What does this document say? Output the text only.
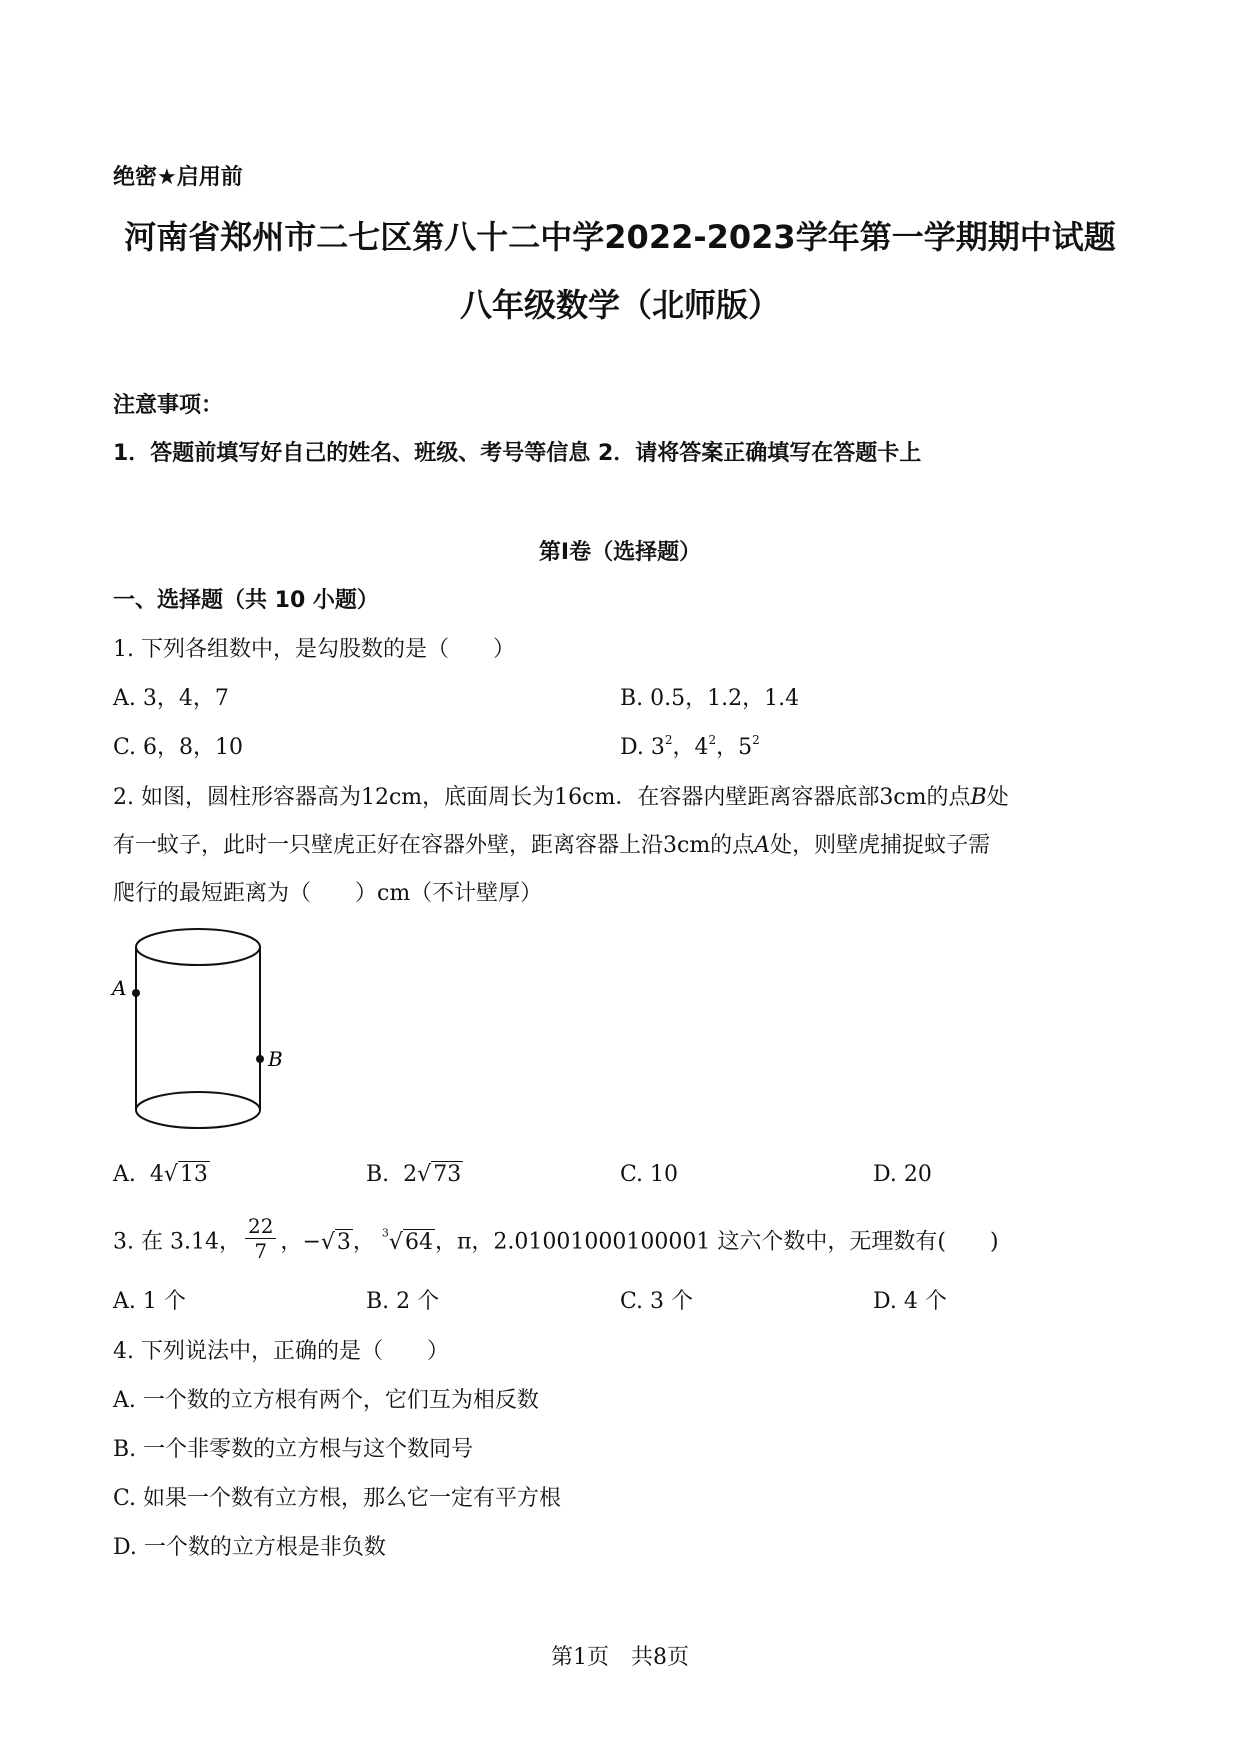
绝密★启用前
河南省郑州市二七区第八十二中学2022-2023学年第一学期期中试题
八年级数学（北师版）
注意事项：
1．答题前填写好自己的姓名、班级、考号等信息 2．请将答案正确填写在答题卡上
第Ⅰ卷（选择题）
一、选择题（共 10 小题）
1. 下列各组数中，是勾股数的是（　　）
A. 3，4，7	B. 0.5，1.2，1.4
C. 6，8，10	D. $3^2$，$4^2$，$5^2$
2. 如图，圆柱形容器高为12cm，底面周长为16cm．在容器内壁距离容器底部3cm的点B处
有一蚊子，此时一只壁虎正好在容器外壁，距离容器上沿3cm的点A处，则壁虎捕捉蚊子需
爬行的最短距离为（　　）cm（不计壁厚）
A
B
A. 4√13	B. 2√73	C. 10	D. 20
3. 在 3.14， $\frac{22}{7}$ ，−√3， $^3$√64，π，2.01001000100001 这六个数中，无理数有(　　)
A. 1 个	B. 2 个	C. 3 个	D. 4 个
4. 下列说法中，正确的是（　　）
A. 一个数的立方根有两个，它们互为相反数
B. 一个非零数的立方根与这个数同号
C. 如果一个数有立方根，那么它一定有平方根
D. 一个数的立方根是非负数
第1页　共8页
